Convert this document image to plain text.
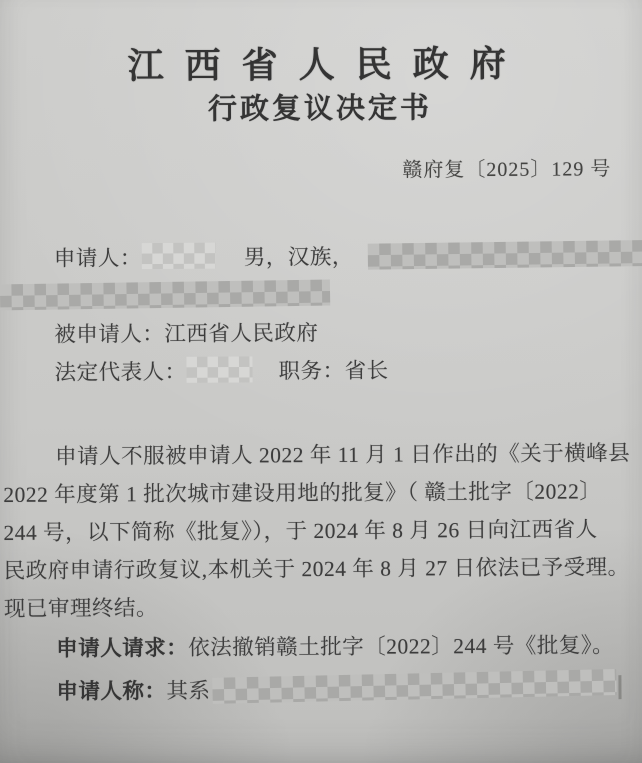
江 西 省 人 民 政 府
行政复议决定书
赣府复〔2025〕129 号
申请人：	男，汉族，
被申请人：江西省人民政府
法定代表人：	职务：省长
申请人不服被申请人 2022 年 11 月 1 日作出的《关于横峰县
2022 年度第 1 批次城市建设用地的批复》（ 赣土批字〔2022〕
244 号，以下简称《批复》），于 2024 年 8 月 26 日向江西省人
民政府申请行政复议,本机关于 2024 年 8 月 27 日依法已予受理。
现已审理终结。
申请人请求：依法撤销赣土批字〔2022〕244 号《批复》。
申请人称：其系
